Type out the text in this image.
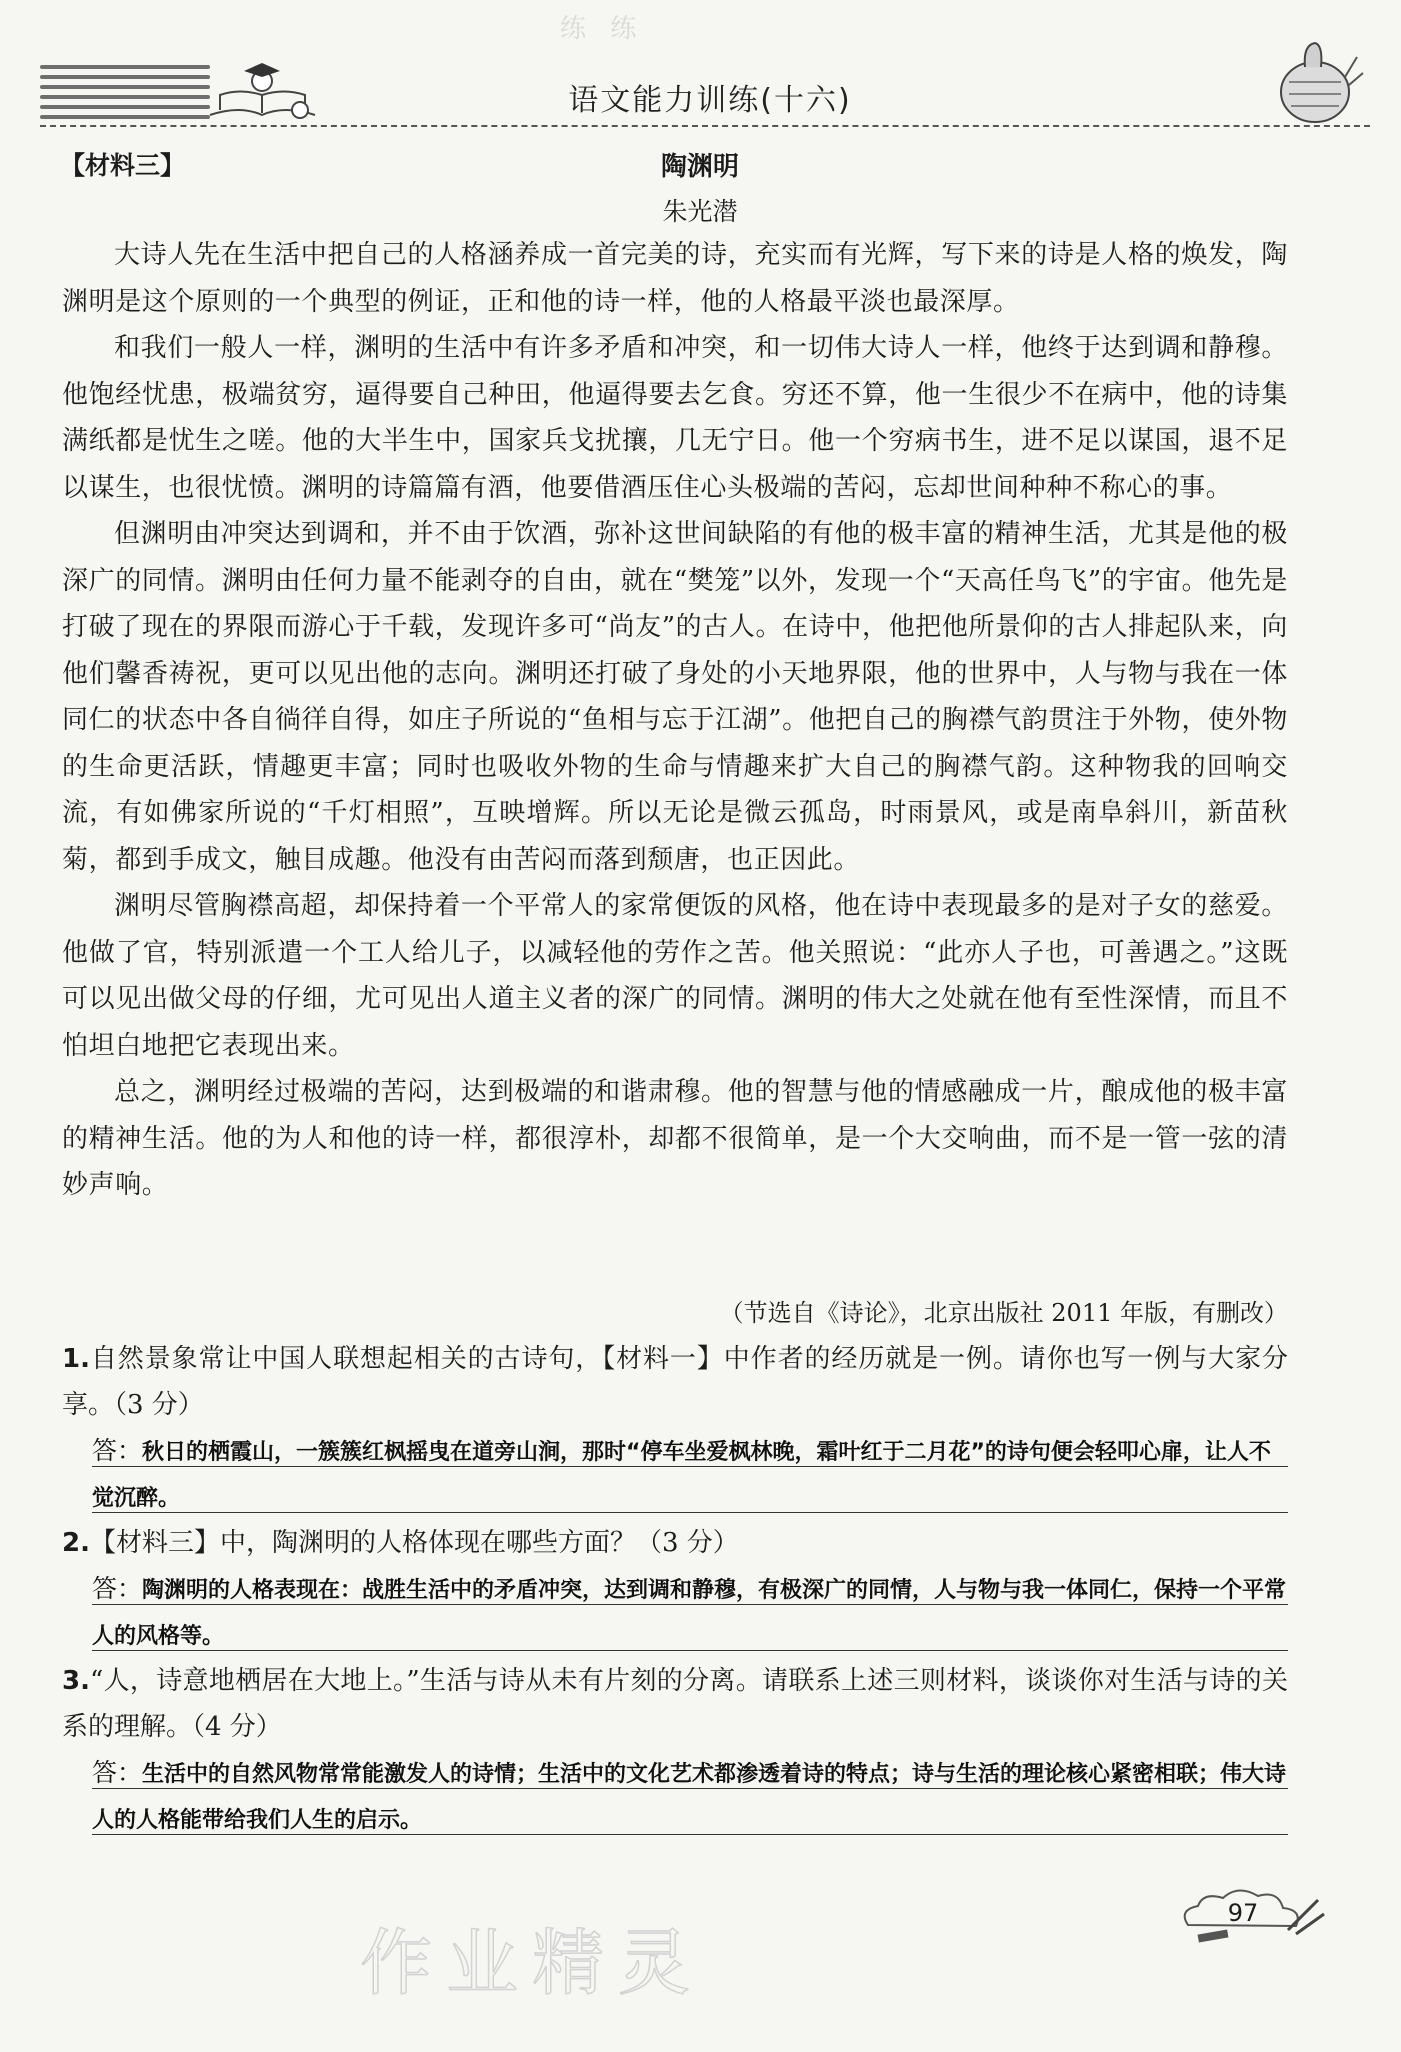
练 练
语文能力训练(十六)
【材料三】	陶渊明
朱光潜

大诗人先在生活中把自己的人格涵养成一首完美的诗，充实而有光辉，写下来的诗是人格的焕发，陶渊明是这个原则的一个典型的例证，正和他的诗一样，他的人格最平淡也最深厚。

和我们一般人一样，渊明的生活中有许多矛盾和冲突，和一切伟大诗人一样，他终于达到调和静穆。他饱经忧患，极端贫穷，逼得要自己种田，他逼得要去乞食。穷还不算，他一生很少不在病中，他的诗集满纸都是忧生之嗟。他的大半生中，国家兵戈扰攘，几无宁日。他一个穷病书生，进不足以谋国，退不足以谋生，也很忧愤。渊明的诗篇篇有酒，他要借酒压住心头极端的苦闷，忘却世间种种不称心的事。

但渊明由冲突达到调和，并不由于饮酒，弥补这世间缺陷的有他的极丰富的精神生活，尤其是他的极深广的同情。渊明由任何力量不能剥夺的自由，就在“樊笼”以外，发现一个“天高任鸟飞”的宇宙。他先是打破了现在的界限而游心于千载，发现许多可“尚友”的古人。在诗中，他把他所景仰的古人排起队来，向他们馨香祷祝，更可以见出他的志向。渊明还打破了身处的小天地界限，他的世界中，人与物与我在一体同仁的状态中各自徜徉自得，如庄子所说的“鱼相与忘于江湖”。他把自己的胸襟气韵贯注于外物，使外物的生命更活跃，情趣更丰富；同时也吸收外物的生命与情趣来扩大自己的胸襟气韵。这种物我的回响交流，有如佛家所说的“千灯相照”，互映增辉。所以无论是微云孤岛，时雨景风，或是南阜斜川，新苗秋菊，都到手成文，触目成趣。他没有由苦闷而落到颓唐，也正因此。

渊明尽管胸襟高超，却保持着一个平常人的家常便饭的风格，他在诗中表现最多的是对子女的慈爱。他做了官，特别派遣一个工人给儿子，以减轻他的劳作之苦。他关照说：“此亦人子也，可善遇之。”这既可以见出做父母的仔细，尤可见出人道主义者的深广的同情。渊明的伟大之处就在他有至性深情，而且不怕坦白地把它表现出来。

总之，渊明经过极端的苦闷，达到极端的和谐肃穆。他的智慧与他的情感融成一片，酿成他的极丰富的精神生活。他的为人和他的诗一样，都很淳朴，却都不很简单，是一个大交响曲，而不是一管一弦的清妙声响。

（节选自《诗论》，北京出版社 2011 年版，有删改）
1.自然景象常让中国人联想起相关的古诗句，【材料一】中作者的经历就是一例。请你也写一例与大家分享。（3 分）
答：秋日的栖霞山，一簇簇红枫摇曳在道旁山涧，那时“停车坐爱枫林晚，霜叶红于二月花”的诗句便会轻叩心扉，让人不觉沉醉。
2.【材料三】中，陶渊明的人格体现在哪些方面？（3 分）
答：陶渊明的人格表现在：战胜生活中的矛盾冲突，达到调和静穆，有极深广的同情，人与物与我一体同仁，保持一个平常人的风格等。
3.“人，诗意地栖居在大地上。”生活与诗从未有片刻的分离。请联系上述三则材料，谈谈你对生活与诗的关系的理解。（4 分）
答：生活中的自然风物常常能激发人的诗情；生活中的文化艺术都渗透着诗的特点；诗与生活的理论核心紧密相联；伟大诗人的人格能带给我们人生的启示。
97
作业精灵
